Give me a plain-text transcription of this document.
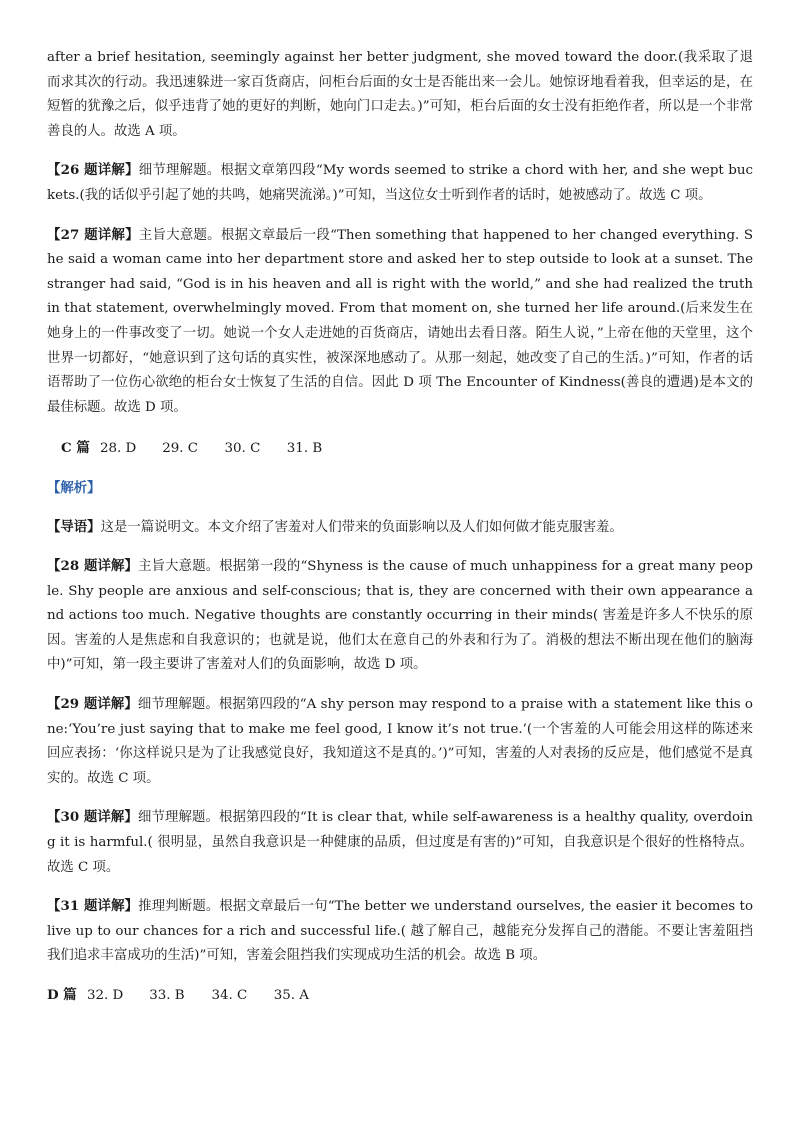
after a brief hesitation, seemingly against her better judgment, she moved toward the door.(我采取了退而求其次的行动。我迅速躲进一家百货商店，问柜台后面的女士是否能出来一会儿。她惊讶地看着我，但幸运的是，在短暂的犹豫之后，似乎违背了她的更好的判断，她向门口走去。)”可知，柜台后面的女士没有拒绝作者，所以是一个非常善良的人。故选 A 项。

【26 题详解】细节理解题。根据文章第四段“My words seemed to strike a chord with her, and she wept buckets.(我的话似乎引起了她的共鸣，她痛哭流涕。)”可知，当这位女士听到作者的话时，她被感动了。故选 C 项。

【27 题详解】主旨大意题。根据文章最后一段“Then something that happened to her changed everything. She said a woman came into her department store and asked her to step outside to look at a sunset. The stranger had said, “God is in his heaven and all is right with the world,” and she had realized the truth in that statement, overwhelmingly moved. From that moment on, she turned her life around.(后来发生在她身上的一件事改变了一切。她说一个女人走进她的百货商店，请她出去看日落。陌生人说，”上帝在他的天堂里，这个世界一切都好，“她意识到了这句话的真实性，被深深地感动了。从那一刻起，她改变了自己的生活。)”可知，作者的话语帮助了一位伤心欲绝的柜台女士恢复了生活的自信。因此 D 项 The Encounter of Kindness(善良的遭遇)是本文的最佳标题。故选 D 项。

C 篇 28. D 29. C 30. C 31. B

【解析】

【导语】这是一篇说明文。本文介绍了害羞对人们带来的负面影响以及人们如何做才能克服害羞。

【28 题详解】主旨大意题。根据第一段的“Shyness is the cause of much unhappiness for a great many people. Shy people are anxious and self-conscious; that is, they are concerned with their own appearance and actions too much. Negative thoughts are constantly occurring in their minds( 害羞是许多人不快乐的原因。害羞的人是焦虑和自我意识的；也就是说，他们太在意自己的外表和行为了。消极的想法不断出现在他们的脑海中)”可知，第一段主要讲了害羞对人们的负面影响，故选 D 项。

【29 题详解】细节理解题。根据第四段的“A shy person may respond to a praise with a statement like this one:‘You’re just saying that to make me feel good, I know it’s not true.’(一个害羞的人可能会用这样的陈述来回应表扬：‘你这样说只是为了让我感觉良好，我知道这不是真的。’)”可知，害羞的人对表扬的反应是，他们感觉不是真实的。故选 C 项。

【30 题详解】细节理解题。根据第四段的“It is clear that, while self-awareness is a healthy quality, overdoing it is harmful.( 很明显，虽然自我意识是一种健康的品质，但过度是有害的)”可知，自我意识是个很好的性格特点。故选 C 项。

【31 题详解】推理判断题。根据文章最后一句“The better we understand ourselves, the easier it becomes to live up to our chances for a rich and successful life.( 越了解自己，越能充分发挥自己的潜能。不要让害羞阻挡我们追求丰富成功的生活)”可知，害羞会阻挡我们实现成功生活的机会。故选 B 项。

D 篇 32. D 33. B 34. C 35. A
